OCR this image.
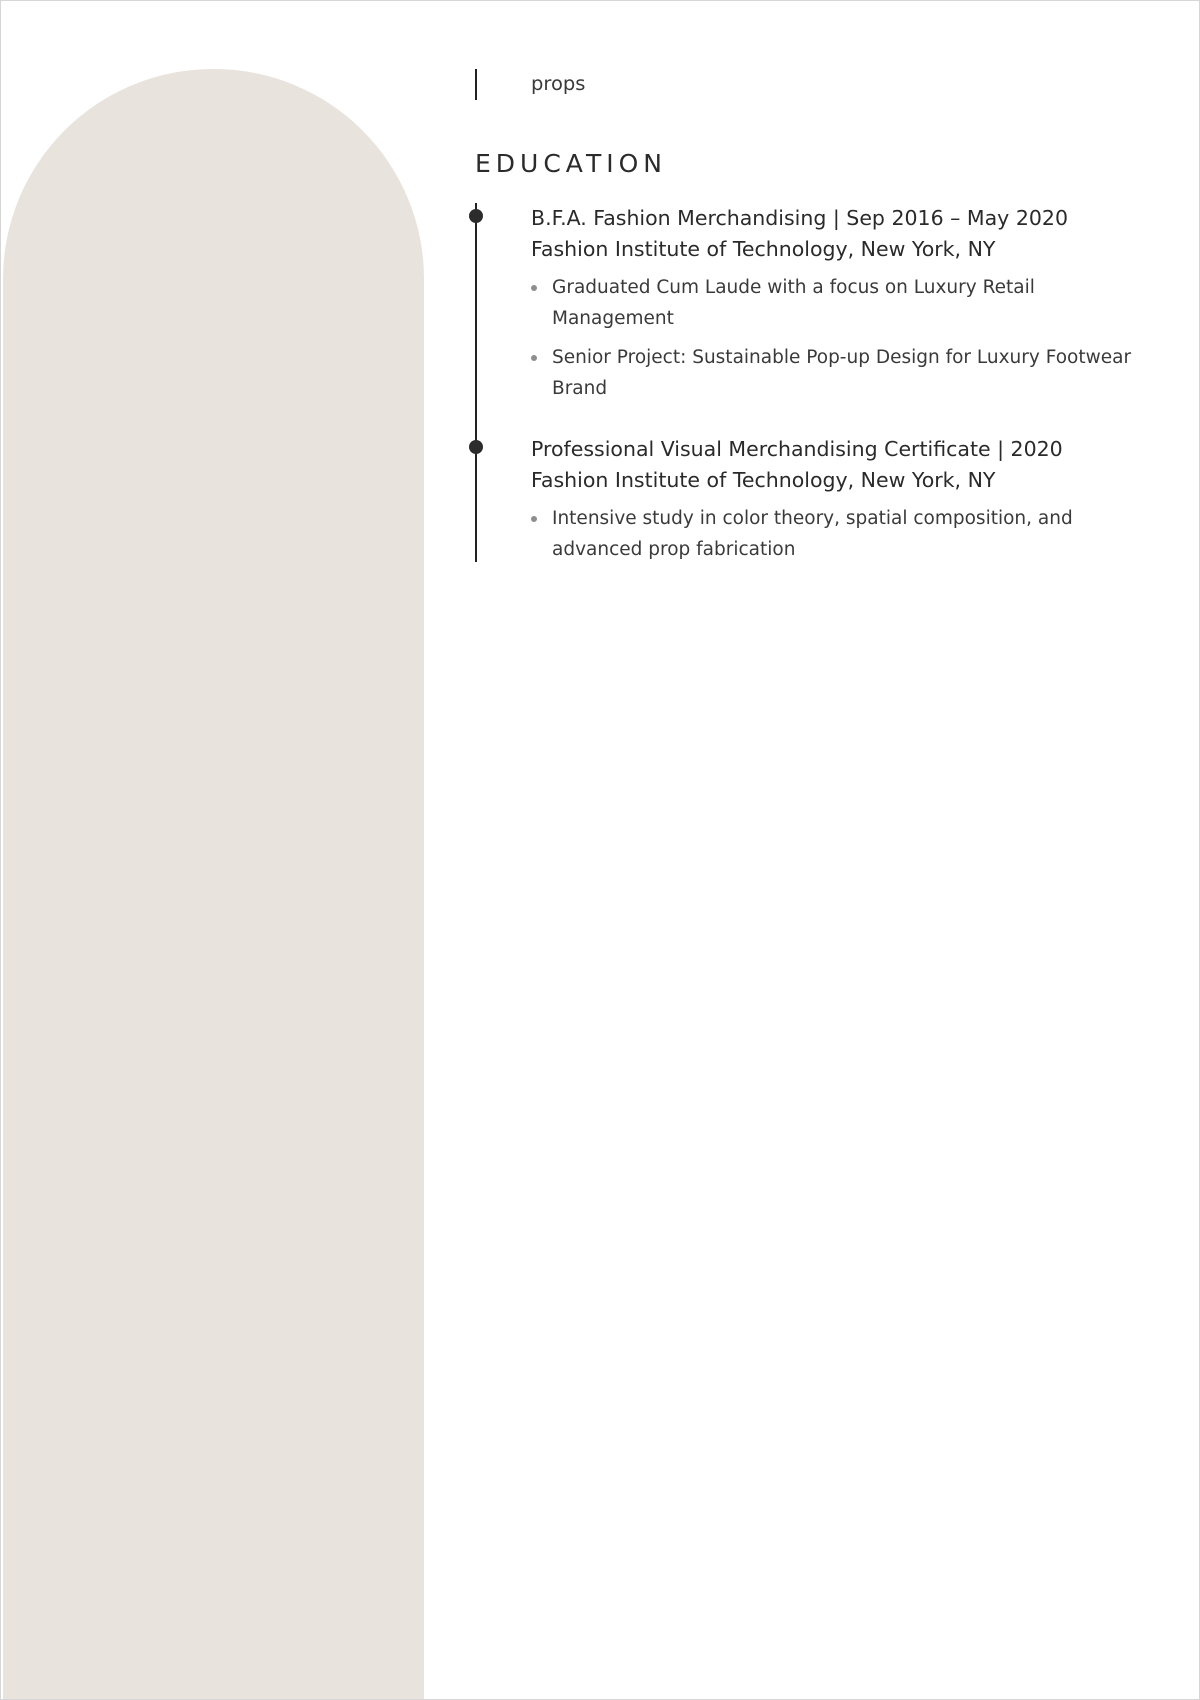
props
EDUCATION
B.F.A. Fashion Merchandising | Sep 2016 – May 2020
Fashion Institute of Technology, New York, NY
Graduated Cum Laude with a focus on Luxury Retail Management
Senior Project: Sustainable Pop-up Design for Luxury Footwear Brand
Professional Visual Merchandising Certificate | 2020
Fashion Institute of Technology, New York, NY
Intensive study in color theory, spatial composition, and advanced prop fabrication
